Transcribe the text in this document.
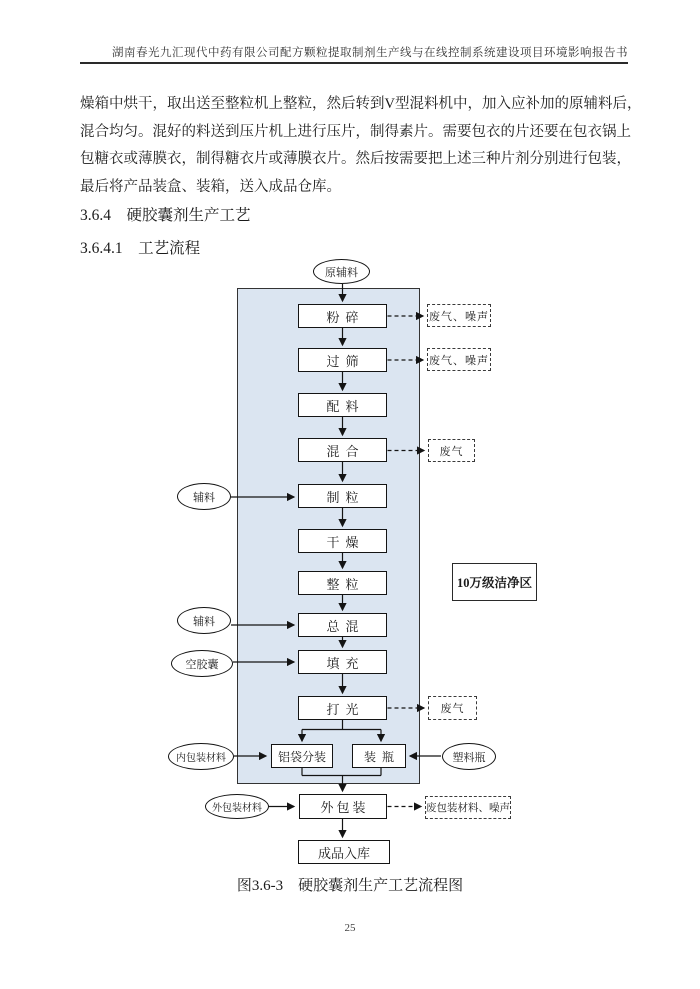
湖南春光九汇现代中药有限公司配方颗粒提取制剂生产线与在线控制系统建设项目环境影响报告书
燥箱中烘干，取出送至整粒机上整粒，然后转到V型混料机中，加入应补加的原辅料后，
混合均匀。混好的料送到压片机上进行压片，制得素片。需要包衣的片还要在包衣锅上
包糖衣或薄膜衣，制得糖衣片或薄膜衣片。然后按需要把上述三种片剂分别进行包装，
最后将产品装盒、装箱，送入成品仓库。
3.6.4　硬胶囊剂生产工艺
3.6.4.1　工艺流程
原辅料
粉碎
过筛
配料
混合
制粒
干燥
整粒
总混
填充
打光
铝袋分装	装瓶
外包装
成品入库
辅料
辅料
空胶囊
内包装材料
外包装材料
塑料瓶
废气、噪声
废气、噪声
废气
废气
废包装材料、噪声
10万级洁净区
图3.6-3　硬胶囊剂生产工艺流程图
25
